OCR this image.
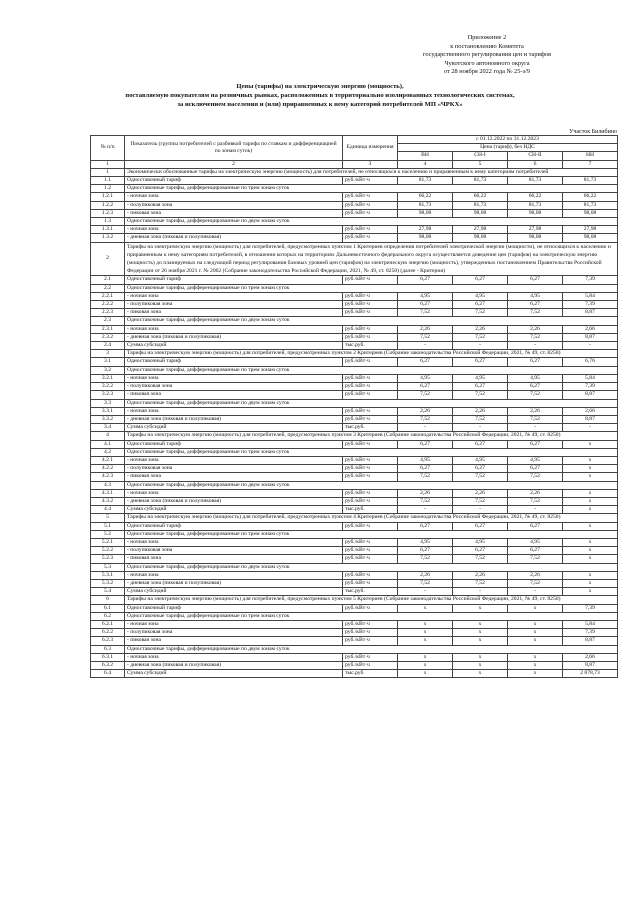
Приложение 2
к постановлению Комитета
государственного регулирования цен и тарифов
Чукотского автономного округа
от 28 ноября 2022 года № 25-э/9
Цены (тарифы) на электрическую энергию (мощность),
поставляемую покупателям на розничных рынках, расположенных в территориально изолированных технологических системах,
за исключением населения и (или) приравненных к нему категорий потребителей МП «ЧРКХ»
Участок Билибино
№ п/п	Показатель (группы потребителей с разбивкой тарифа по ставкам и дифференциацией по зонам суток)	Единица измерения	с 01.12.2022 по 31.12.2023			
			Цена (тариф), без НДС			
			ВН	СН-I	СН-II	НН
1	2	3	4	5	6	7
1	Экономически обоснованные тарифы на электрическую энергию (мощность) для потребителей, не относящихся к населению и приравненным к нему категориям потребителей					
1.1	Одноставочный тариф	руб./кВт·ч	81,73	81,73	81,73	81,73
1.2	Одноставочные тарифы, дифференцированные по трем зонам суток					
1.2.1	- ночная зона	руб./кВт·ч	66,22	66,22	66,22	66,22
1.2.2	- полупиковая зона	руб./кВт·ч	81,73	81,73	81,73	81,73
1.2.3	- пиковая зона	руб./кВт·ч	98,08	98,08	98,08	98,08
1.3	Одноставочные тарифы, дифференцированные по двум зонам суток					
1.3.1	- ночная зона	руб./кВт·ч	27,98	27,98	27,98	27,98
1.3.2	- дневная зона (пиковая и полупиковая)	руб./кВт·ч	98,08	98,08	98,08	98,08
2	Тарифы на электрическую энергию (мощность) для потребителей, предусмотренных пунктом 1 Критериев определения потребителей электрической энергии (мощности), не относящихся к населению и приравненным к нему категориям потребителей, в отношении которых на территориях Дальневосточного федерального округа осуществляется доведение цен (тарифов) на электрическую энергию (мощность) до планируемых на следующий период регулирования базовых уровней цен (тарифов) на электрическую энергию (мощность), утвержденных постановлением Правительства Российской Федерации от 26 ноября 2021 г. № 2062 (Собрание законодательства Российской Федерации, 2021, № 49, ст. 8250) (далее - Критерии)					
2.1	Одноставочный тариф	руб./кВт·ч	6,27	6,27	6,27	7,39
2.2	Одноставочные тарифы, дифференцированные по трем зонам суток					
2.2.1	- ночная зона	руб./кВт·ч	4,95	4,95	4,95	5,84
2.2.2	- полупиковая зона	руб./кВт·ч	6,27	6,27	6,27	7,39
2.2.3	- пиковая зона	руб./кВт·ч	7,52	7,52	7,52	8,87
2.3	Одноставочные тарифы, дифференцированные по двум зонам суток					
2.3.1	- ночная зона	руб./кВт·ч	2,26	2,26	2,26	2,66
2.3.2	- дневная зона (пиковая и полупиковая)	руб./кВт·ч	7,52	7,52	7,52	8,87
2.4	Сумма субсидий	тыс.руб.	-	-	-	-
3	Тарифы на электрическую энергию (мощность) для потребителей, предусмотренных пунктом 2 Критериев (Собрание законодательства Российской Федерации, 2021, № 49, ст. 8250)					
3.1	Одноставочный тариф	руб./кВт·ч	6,27	6,27	6,27	6,76
3.2	Одноставочные тарифы, дифференцированные по трем зонам суток					
3.2.1	- ночная зона	руб./кВт·ч	4,95	4,95	4,95	5,84
3.2.2	- полупиковая зона	руб./кВт·ч	6,27	6,27	6,27	7,39
3.2.3	- пиковая зона	руб./кВт·ч	7,52	7,52	7,52	8,87
3.3	Одноставочные тарифы, дифференцированные по двум зонам суток					
3.3.1	- ночная зона	руб./кВт·ч	2,26	2,26	2,26	2,66
3.3.2	- дневная зона (пиковая и полупиковая)	руб./кВт·ч	7,52	7,52	7,52	8,87
3.4	Сумма субсидий	тыс.руб.	-	-	-	-
4	Тарифы на электрическую энергию (мощность) для потребителей, предусмотренных пунктом 3 Критериев (Собрание законодательства Российской Федерации, 2021, № 49, ст. 8250)					
4.1	Одноставочный тариф	руб./кВт·ч	6,27	6,27	6,27	х
4.2	Одноставочные тарифы, дифференцированные по трем зонам суток					
4.2.1	- ночная зона	руб./кВт·ч	4,95	4,95	4,95	х
4.2.2	- полупиковая зона	руб./кВт·ч	6,27	6,27	6,27	х
4.2.3	- пиковая зона	руб./кВт·ч	7,52	7,52	7,52	х
4.3	Одноставочные тарифы, дифференцированные по двум зонам суток					
4.3.1	- ночная зона	руб./кВт·ч	2,26	2,26	2,26	х
4.3.2	- дневная зона (пиковая и полупиковая)	руб./кВт·ч	7,52	7,52	7,52	х
4.4	Сумма субсидий	тыс.руб.	-	-	-	х
5	Тарифы на электрическую энергию (мощность) для потребителей, предусмотренных пунктом 4 Критериев (Собрание законодательства Российской Федерации, 2021, № 49, ст. 8250)					
5.1	Одноставочный тариф	руб./кВт·ч	6,27	6,27	6,27	х
5.2	Одноставочные тарифы, дифференцированные по трем зонам суток					
5.2.1	- ночная зона	руб./кВт·ч	4,95	4,95	4,95	х
5.2.2	- полупиковая зона	руб./кВт·ч	6,27	6,27	6,27	х
5.2.3	- пиковая зона	руб./кВт·ч	7,52	7,52	7,52	х
5.3	Одноставочные тарифы, дифференцированные по двум зонам суток					
5.3.1	- ночная зона	руб./кВт·ч	2,26	2,26	2,26	х
5.3.2	- дневная зона (пиковая и полупиковая)	руб./кВт·ч	7,52	7,52	7,52	х
5.4	Сумма субсидий	тыс.руб.	-	-	-	х
6	Тарифы на электрическую энергию (мощность) для потребителей, предусмотренных пунктом 5 Критериев (Собрание законодательства Российской Федерации, 2021, № 49, ст. 8250)					
6.1	Одноставочный тариф	руб./кВт·ч	х	х	х	7,39
6.2	Одноставочные тарифы, дифференцированные по трем зонам суток					
6.2.1	- ночная зона	руб./кВт·ч	х	х	х	5,84
6.2.2	- полупиковая зона	руб./кВт·ч	х	х	х	7,39
6.2.3	- пиковая зона	руб./кВт·ч	х	х	х	8,87
6.3	Одноставочные тарифы, дифференцированные по двум зонам суток					
6.3.1	- ночная зона	руб./кВт·ч	х	х	х	2,66
6.3.2	- дневная зона (пиковая и полупиковая)	руб./кВт·ч	х	х	х	8,87
6.4	Сумма субсидий	тыс.руб.	х	х	х	2 878,73
